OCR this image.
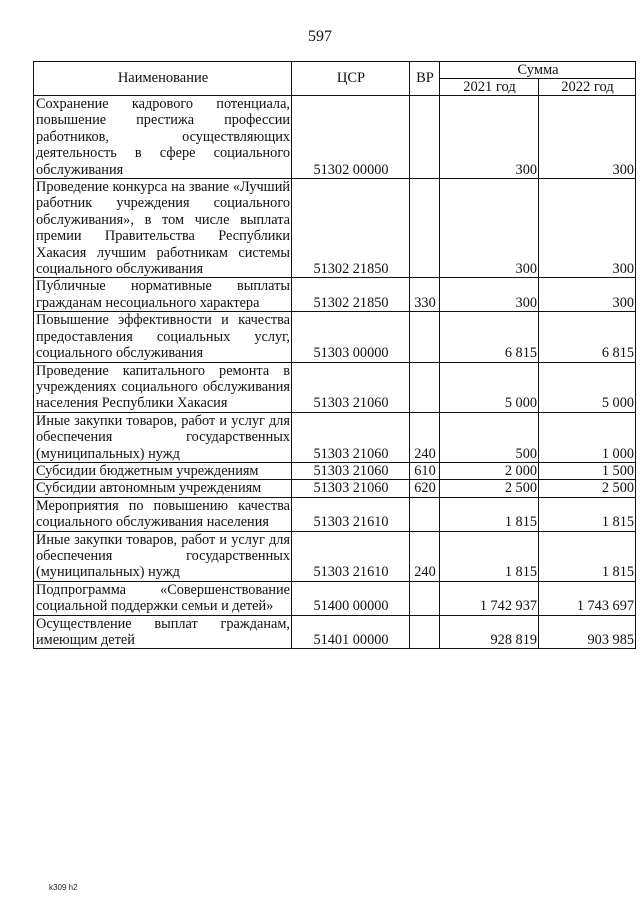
597
Наименование	ЦСР	ВР	Сумма	
			2021 год	2022 год
Сохранение кадрового потенциала, повышение престижа профессии работников, осуществляющих деятельность в сфере социального обслуживания	51302 00000		300	300
Проведение конкурса на звание «Лучший работник учреждения социального обслуживания», в том числе выплата премии Правительства Республики Хакасия лучшим работникам системы социального обслуживания	51302 21850		300	300
Публичные нормативные выплаты гражданам несоциального характера	51302 21850	330	300	300
Повышение эффективности и качества предоставления социальных услуг, социального обслуживания	51303 00000		6 815	6 815
Проведение капитального ремонта в учреждениях социального обслуживания населения Республики Хакасия	51303 21060		5 000	5 000
Иные закупки товаров, работ и услуг для обеспечения государственных (муниципальных) нужд	51303 21060	240	500	1 000
Субсидии бюджетным учреждениям	51303 21060	610	2 000	1 500
Субсидии автономным учреждениям	51303 21060	620	2 500	2 500
Мероприятия по повышению качества социального обслуживания населения	51303 21610		1 815	1 815
Иные закупки товаров, работ и услуг для обеспечения государственных (муниципальных) нужд	51303 21610	240	1 815	1 815
Подпрограмма «Совершенствование социальной поддержки семьи и детей»	51400 00000		1 742 937	1 743 697
Осуществление выплат гражданам, имеющим детей	51401 00000		928 819	903 985
k309 h2
